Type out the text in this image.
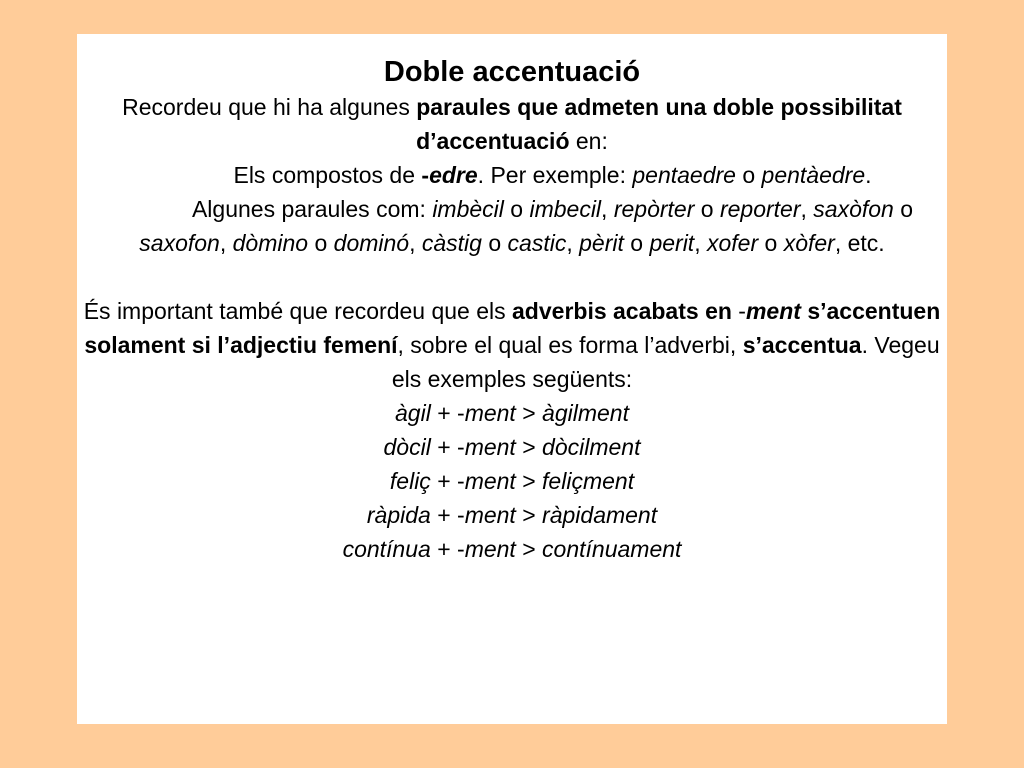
Doble accentuació

Recordeu que hi ha algunes paraules que admeten una doble possibilitat d’accentuació en:

Els compostos de -edre. Per exemple: pentaedre o pentàedre.

Algunes paraules com: imbècil o imbecil, repòrter o reporter, saxòfon o saxofon, dòmino o dominó, càstig o castic, pèrit o perit, xofer o xòfer, etc.

És important també que recordeu que els adverbis acabats en -ment s’accentuen solament si l’adjectiu femení, sobre el qual es forma l’adverbi, s’accentua. Vegeu els exemples següents:

àgil + -ment > àgilment

dòcil + -ment > dòcilment

feliç + -ment > feliçment

ràpida + -ment > ràpidament

contínua + -ment > contínuament
